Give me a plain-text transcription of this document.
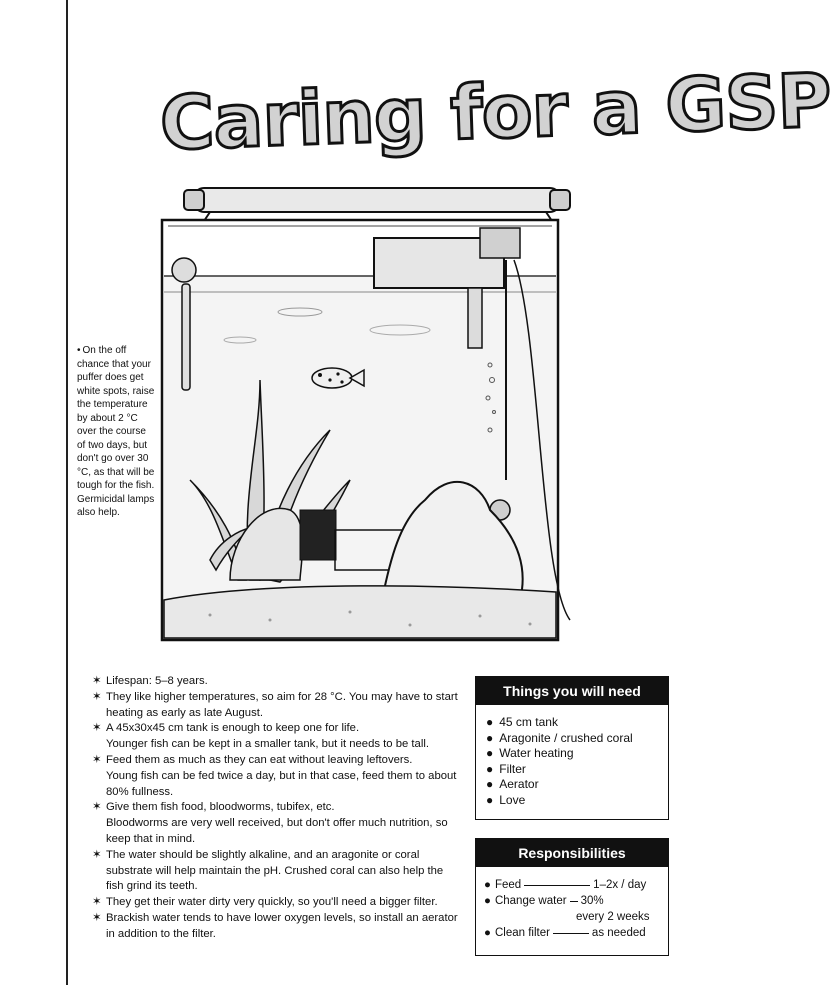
Caring for a GSP
• On the off chance that your puffer does get white spots, raise the temperature by about 2 °C over the course of two days, but don't go over 30 °C, as that will be tough for the fish. Germicidal lamps also help.
✶ Lifespan: 5–8 years.
✶ They like higher temperatures, so aim for 28 °C. You may have to start heating as early as late August.
✶ A 45x30x45 cm tank is enough to keep one for life.
Younger fish can be kept in a smaller tank, but it needs to be tall.
✶ Feed them as much as they can eat without leaving leftovers.
Young fish can be fed twice a day, but in that case, feed them to about 80% fullness.
✶ Give them fish food, bloodworms, tubifex, etc.
Bloodworms are very well received, but don't offer much nutrition, so keep that in mind.
✶ The water should be slightly alkaline, and an aragonite or coral substrate will help maintain the pH. Crushed coral can also help the fish grind its teeth.
✶ They get their water dirty very quickly, so you'll need a bigger filter.
✶ Brackish water tends to have lower oxygen levels, so install an aerator in addition to the filter.
Things you will need
● 45 cm tank
● Aragonite / crushed coral
● Water heating
● Filter
● Aerator
● Love
Responsibilities
● Feed	1–2x / day
● Change water 30%
every 2 weeks
● Clean filter	as needed
